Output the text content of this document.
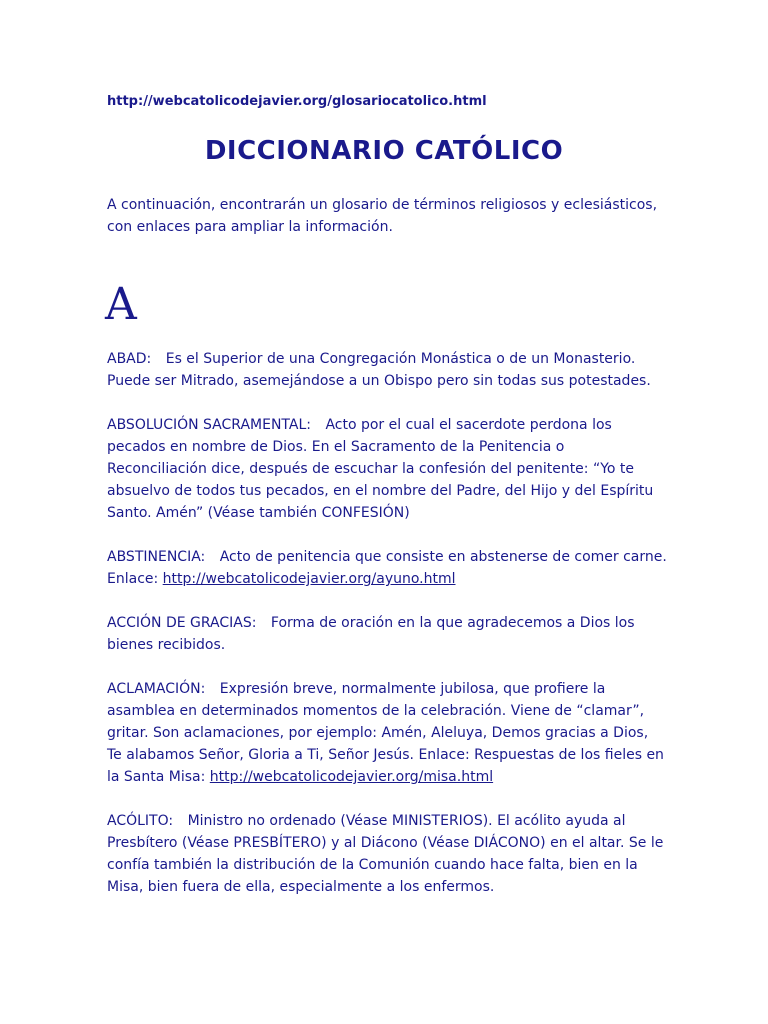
http://webcatolicodejavier.org/glosariocatolico.html
DICCIONARIO CATÓLICO
A continuación, encontrarán un glosario de términos religiosos y eclesiásticos, con enlaces para ampliar la información.
A

ABAD: Es el Superior de una Congregación Monástica o de un Monasterio. Puede ser Mitrado, asemejándose a un Obispo pero sin todas sus potestades.

ABSOLUCIÓN SACRAMENTAL: Acto por el cual el sacerdote perdona los pecados en nombre de Dios. En el Sacramento de la Penitencia o Reconciliación dice, después de escuchar la confesión del penitente: “Yo te absuelvo de todos tus pecados, en el nombre del Padre, del Hijo y del Espíritu Santo. Amén” (Véase también CONFESIÓN)

ABSTINENCIA: Acto de penitencia que consiste en abstenerse de comer carne. Enlace: http://webcatolicodejavier.org/ayuno.html

ACCIÓN DE GRACIAS: Forma de oración en la que agradecemos a Dios los bienes recibidos.

ACLAMACIÓN: Expresión breve, normalmente jubilosa, que profiere la asamblea en determinados momentos de la celebración. Viene de “clamar”, gritar. Son aclamaciones, por ejemplo: Amén, Aleluya, Demos gracias a Dios, Te alabamos Señor, Gloria a Ti, Señor Jesús. Enlace: Respuestas de los fieles en la Santa Misa: http://webcatolicodejavier.org/misa.html

ACÓLITO: Ministro no ordenado (Véase MINISTERIOS). El acólito ayuda al Presbítero (Véase PRESBÍTERO) y al Diácono (Véase DIÁCONO) en el altar. Se le confía también la distribución de la Comunión cuando hace falta, bien en la Misa, bien fuera de ella, especialmente a los enfermos.
